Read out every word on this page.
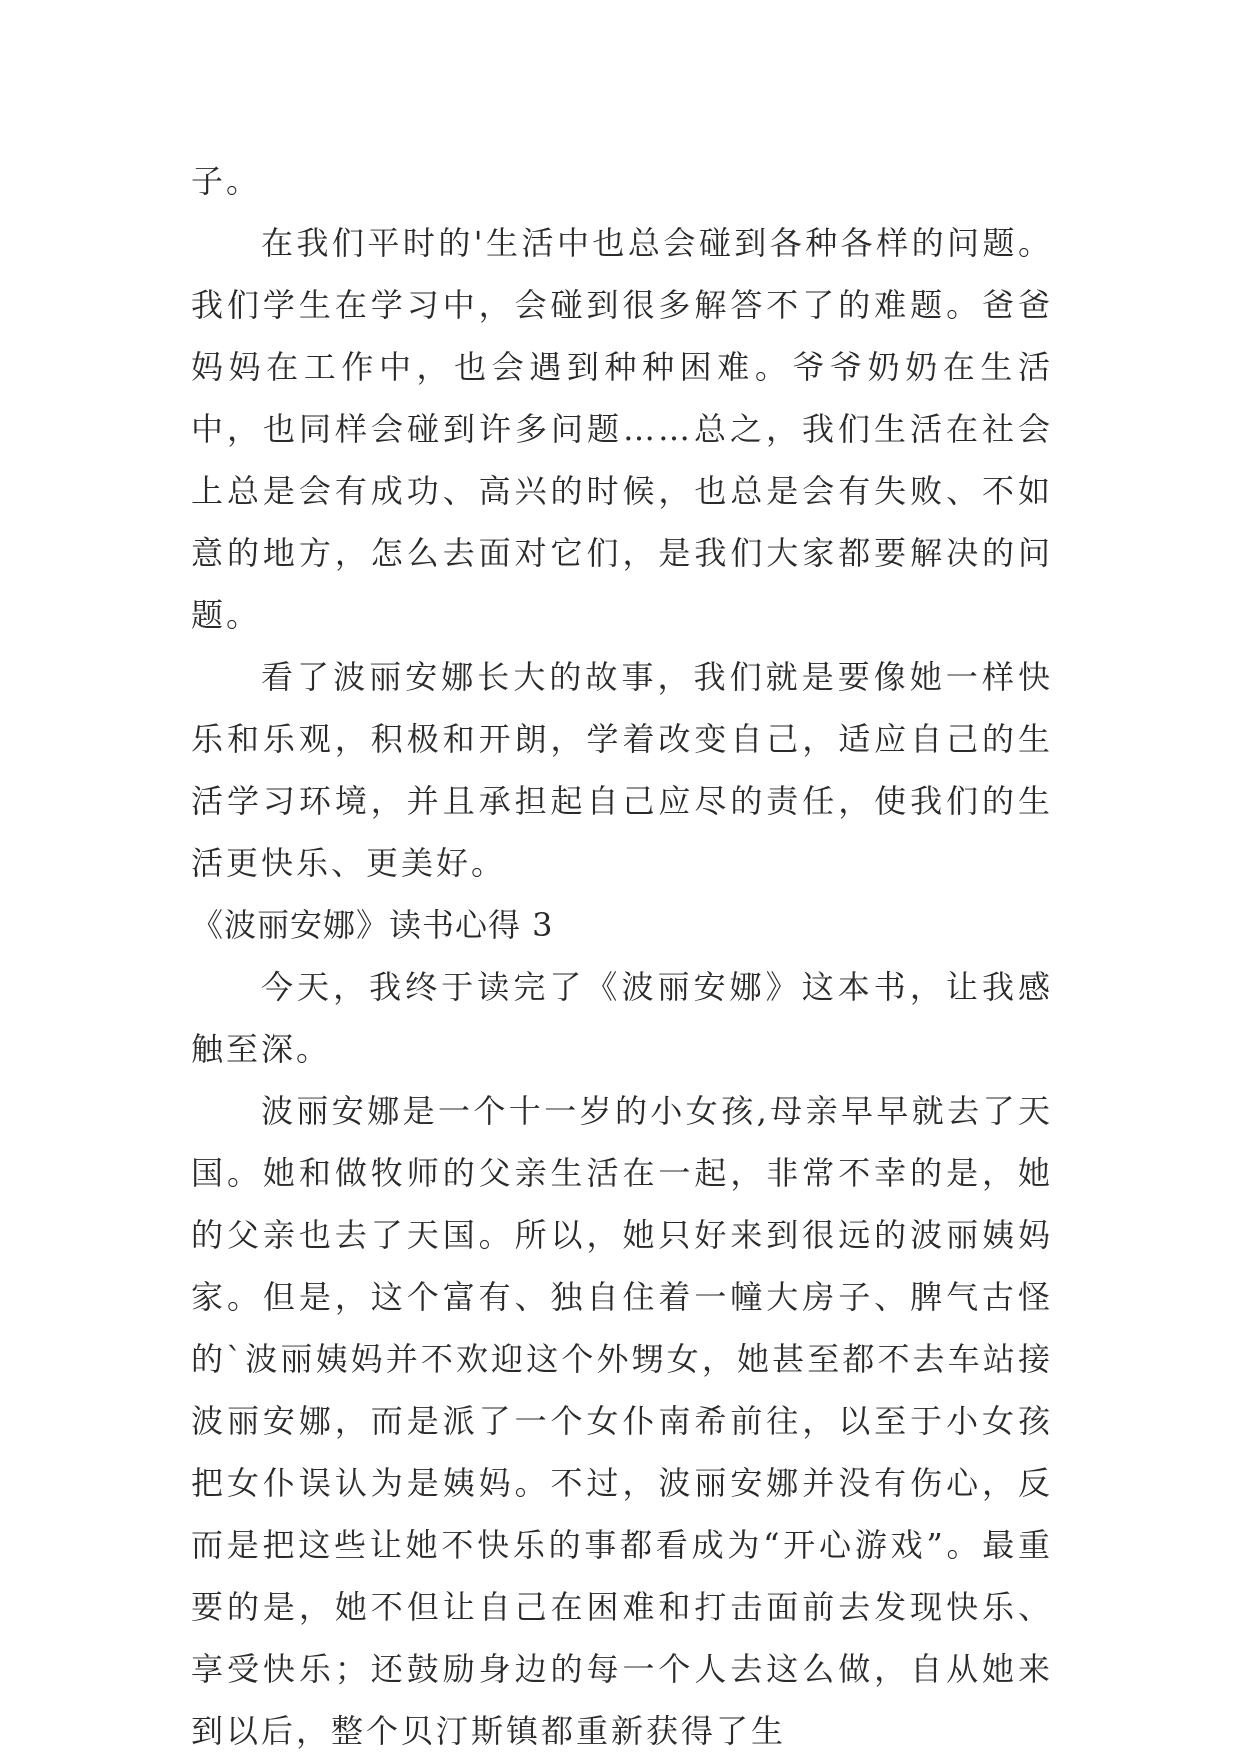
子。

在我们平时的'生活中也总会碰到各种各样的问题。我们学生在学习中，会碰到很多解答不了的难题。爸爸妈妈在工作中，也会遇到种种困难。爷爷奶奶在生活中，也同样会碰到许多问题……总之，我们生活在社会上总是会有成功、高兴的时候，也总是会有失败、不如意的地方，怎么去面对它们，是我们大家都要解决的问题。

看了波丽安娜长大的故事，我们就是要像她一样快乐和乐观，积极和开朗，学着改变自己，适应自己的生活学习环境，并且承担起自己应尽的责任，使我们的生活更快乐、更美好。

《波丽安娜》读书心得 3

今天，我终于读完了《波丽安娜》这本书，让我感触至深。

波丽安娜是一个十一岁的小女孩,母亲早早就去了天国。她和做牧师的父亲生活在一起，非常不幸的是，她的父亲也去了天国。所以，她只好来到很远的波丽姨妈家。但是，这个富有、独自住着一幢大房子、脾气古怪的`波丽姨妈并不欢迎这个外甥女，她甚至都不去车站接波丽安娜，而是派了一个女仆南希前往，以至于小女孩把女仆误认为是姨妈。不过，波丽安娜并没有伤心，反而是把这些让她不快乐的事都看成为“开心游戏”。最重要的是，她不但让自己在困难和打击面前去发现快乐、享受快乐；还鼓励身边的每一个人去这么做，自从她来到以后，整个贝汀斯镇都重新获得了生
